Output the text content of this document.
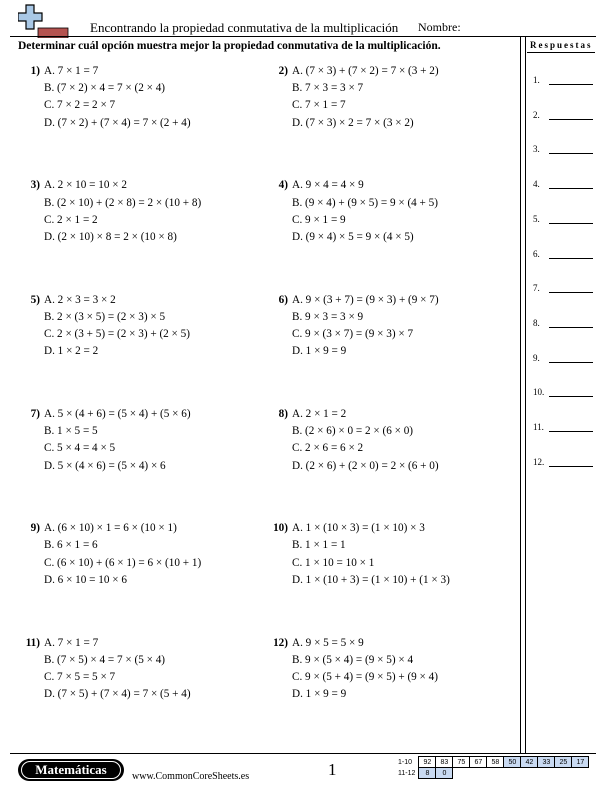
Encontrando la propiedad conmutativa de la multiplicación Nombre:
Determinar cuál opción muestra mejor la propiedad conmutativa de la multiplicación.	Respuestas
1.
2.
3.
4.
5.
6.
7.
8.
9.
10.
11.
12.
1) A. 7 × 1 = 7
B. (7 × 2) × 4 = 7 × (2 × 4)
C. 7 × 2 = 2 × 7
D. (7 × 2) + (7 × 4) = 7 × (2 + 4)
2) A. (7 × 3) + (7 × 2) = 7 × (3 + 2)
B. 7 × 3 = 3 × 7
C. 7 × 1 = 7
D. (7 × 3) × 2 = 7 × (3 × 2)
3) A. 2 × 10 = 10 × 2
B. (2 × 10) + (2 × 8) = 2 × (10 + 8)
C. 2 × 1 = 2
D. (2 × 10) × 8 = 2 × (10 × 8)
4) A. 9 × 4 = 4 × 9
B. (9 × 4) + (9 × 5) = 9 × (4 + 5)
C. 9 × 1 = 9
D. (9 × 4) × 5 = 9 × (4 × 5)
5) A. 2 × 3 = 3 × 2
B. 2 × (3 × 5) = (2 × 3) × 5
C. 2 × (3 + 5) = (2 × 3) + (2 × 5)
D. 1 × 2 = 2
6) A. 9 × (3 + 7) = (9 × 3) + (9 × 7)
B. 9 × 3 = 3 × 9
C. 9 × (3 × 7) = (9 × 3) × 7
D. 1 × 9 = 9
7) A. 5 × (4 + 6) = (5 × 4) + (5 × 6)
B. 1 × 5 = 5
C. 5 × 4 = 4 × 5
D. 5 × (4 × 6) = (5 × 4) × 6
8) A. 2 × 1 = 2
B. (2 × 6) × 0 = 2 × (6 × 0)
C. 2 × 6 = 6 × 2
D. (2 × 6) + (2 × 0) = 2 × (6 + 0)
9) A. (6 × 10) × 1 = 6 × (10 × 1)
B. 6 × 1 = 6
C. (6 × 10) + (6 × 1) = 6 × (10 + 1)
D. 6 × 10 = 10 × 6
10) A. 1 × (10 × 3) = (1 × 10) × 3
B. 1 × 1 = 1
C. 1 × 10 = 10 × 1
D. 1 × (10 + 3) = (1 × 10) + (1 × 3)
11) A. 7 × 1 = 7
B. (7 × 5) × 4 = 7 × (5 × 4)
C. 7 × 5 = 5 × 7
D. (7 × 5) + (7 × 4) = 7 × (5 + 4)
12) A. 9 × 5 = 5 × 9
B. 9 × (5 × 4) = (9 × 5) × 4
C. 9 × (5 + 4) = (9 × 5) + (9 × 4)
D. 1 × 9 = 9
Matemáticas	www.CommonCoreSheets.es	1	1-10	92	83	75	67	58	50	42	33	25	17
11-12	8	0								
